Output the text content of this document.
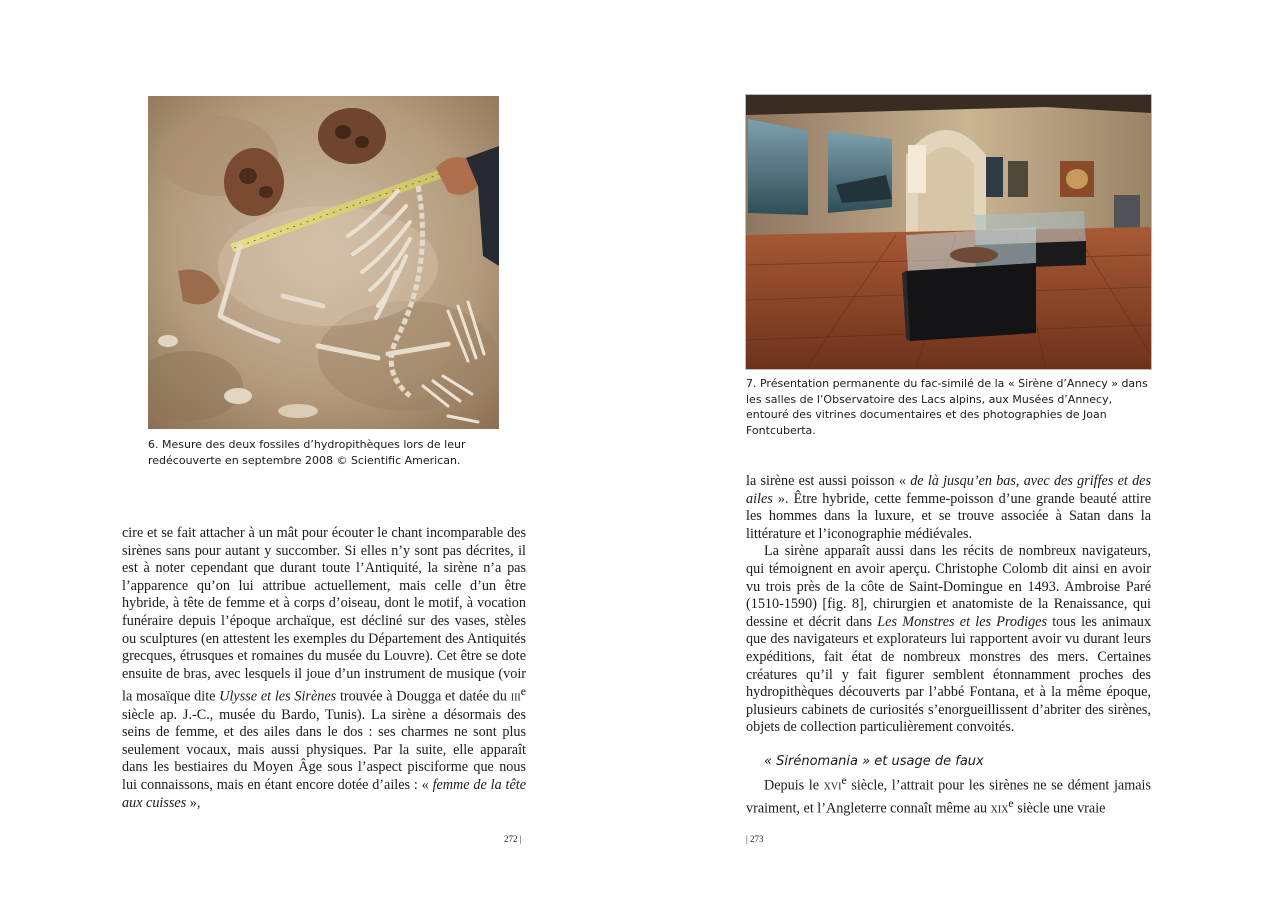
6. Mesure des deux fossiles d’hydropithèques lors de leur redécouverte en septembre 2008 © Scientific American.

cire et se fait attacher à un mât pour écouter le chant incomparable des sirènes sans pour autant y succomber. Si elles n’y sont pas décrites, il est à noter cependant que durant toute l’Antiquité, la sirène n’a pas l’apparence qu’on lui attribue actuellement, mais celle d’un être hybride, à tête de femme et à corps d’oiseau, dont le motif, à vocation funéraire depuis l’époque archaïque, est décliné sur des vases, stèles ou sculptures (en attestent les exemples du Département des Antiquités grecques, étrusques et romaines du musée du Louvre). Cet être se dote ensuite de bras, avec lesquels il joue d’un instrument de musique (voir la mosaïque dite Ulysse et les Sirènes trouvée à Dougga et datée du iii$^e$ siècle ap. J.-C., musée du Bardo, Tunis). La sirène a désormais des seins de femme, et des ailes dans le dos : ses charmes ne sont plus seulement vocaux, mais aussi physiques. Par la suite, elle apparaît dans les bestiaires du Moyen Âge sous l’aspect pisciforme que nous lui connaissons, mais en étant encore dotée d’ailes : « femme de la tête aux cuisses »,

272 |

7. Présentation permanente du fac-similé de la « Sirène d’Annecy » dans les salles de l’Observatoire des Lacs alpins, aux Musées d’Annecy, entouré des vitrines documentaires et des photographies de Joan Fontcuberta.

la sirène est aussi poisson « de là jusqu’en bas, avec des griffes et des ailes ». Être hybride, cette femme-poisson d’une grande beauté attire les hommes dans la luxure, et se trouve associée à Satan dans la littérature et l’iconographie médiévales.

La sirène apparaît aussi dans les récits de nombreux navigateurs, qui témoignent en avoir aperçu. Christophe Colomb dit ainsi en avoir vu trois près de la côte de Saint-Domingue en 1493. Ambroise Paré (1510-1590) [fig. 8], chirurgien et anatomiste de la Renaissance, qui dessine et décrit dans Les Monstres et les Prodiges tous les animaux que des navigateurs et explorateurs lui rapportent avoir vu durant leurs expéditions, fait état de nombreux monstres des mers. Certaines créatures qu’il y fait figurer semblent étonnamment proches des hydropithèques découverts par l’abbé Fontana, et à la même époque, plusieurs cabinets de curiosités s’enorgueillissent d’abriter des sirènes, objets de collection particulièrement convoités.

« Sirénomania » et usage de faux

Depuis le xvi$^e$ siècle, l’attrait pour les sirènes ne se dément jamais vraiment, et l’Angleterre connaît même au xix$^e$ siècle une vraie

| 273
